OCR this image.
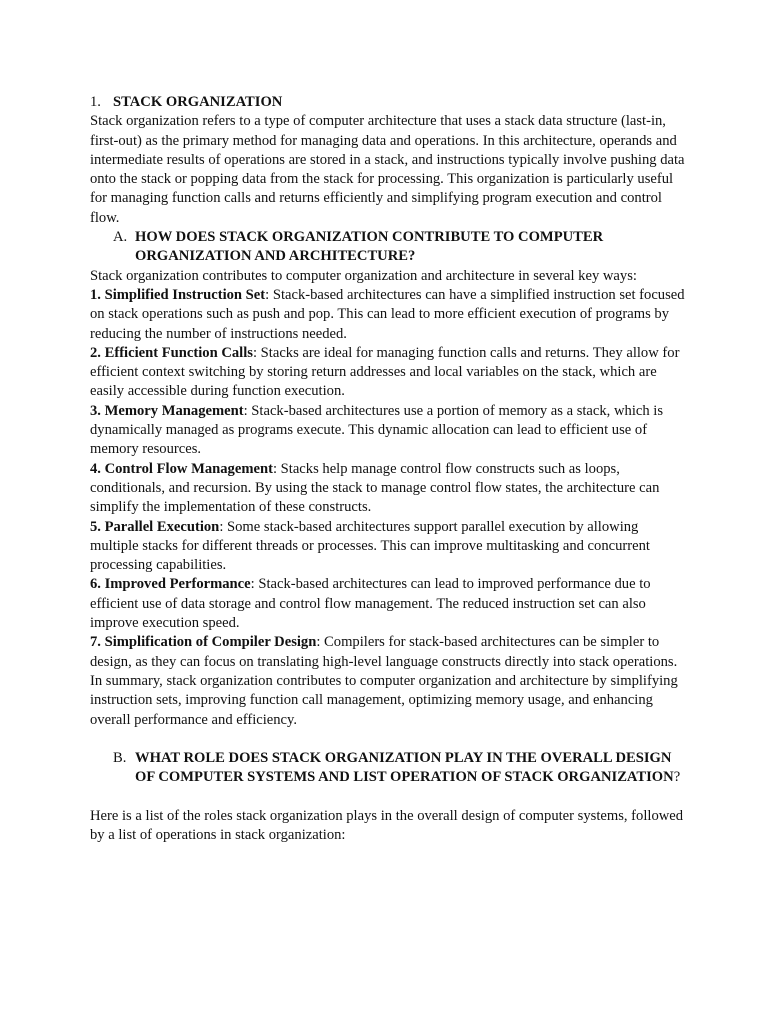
1. STACK ORGANIZATION

Stack organization refers to a type of computer architecture that uses a stack data structure (last-in, first-out) as the primary method for managing data and operations. In this architecture, operands and intermediate results of operations are stored in a stack, and instructions typically involve pushing data onto the stack or popping data from the stack for processing. This organization is particularly useful for managing function calls and returns efficiently and simplifying program execution and control flow.

A. HOW DOES STACK ORGANIZATION CONTRIBUTE TO COMPUTER ORGANIZATION AND ARCHITECTURE?

Stack organization contributes to computer organization and architecture in several key ways:

1. Simplified Instruction Set: Stack-based architectures can have a simplified instruction set focused on stack operations such as push and pop. This can lead to more efficient execution of programs by reducing the number of instructions needed.

2. Efficient Function Calls: Stacks are ideal for managing function calls and returns. They allow for efficient context switching by storing return addresses and local variables on the stack, which are easily accessible during function execution.

3. Memory Management: Stack-based architectures use a portion of memory as a stack, which is dynamically managed as programs execute. This dynamic allocation can lead to efficient use of memory resources.

4. Control Flow Management: Stacks help manage control flow constructs such as loops, conditionals, and recursion. By using the stack to manage control flow states, the architecture can simplify the implementation of these constructs.

5. Parallel Execution: Some stack-based architectures support parallel execution by allowing multiple stacks for different threads or processes. This can improve multitasking and concurrent processing capabilities.

6. Improved Performance: Stack-based architectures can lead to improved performance due to efficient use of data storage and control flow management. The reduced instruction set can also improve execution speed.

7. Simplification of Compiler Design: Compilers for stack-based architectures can be simpler to design, as they can focus on translating high-level language constructs directly into stack operations.

In summary, stack organization contributes to computer organization and architecture by simplifying instruction sets, improving function call management, optimizing memory usage, and enhancing overall performance and efficiency.

B. WHAT ROLE DOES STACK ORGANIZATION PLAY IN THE OVERALL DESIGN OF COMPUTER SYSTEMS AND LIST OPERATION OF STACK ORGANIZATION?

Here is a list of the roles stack organization plays in the overall design of computer systems, followed by a list of operations in stack organization:
